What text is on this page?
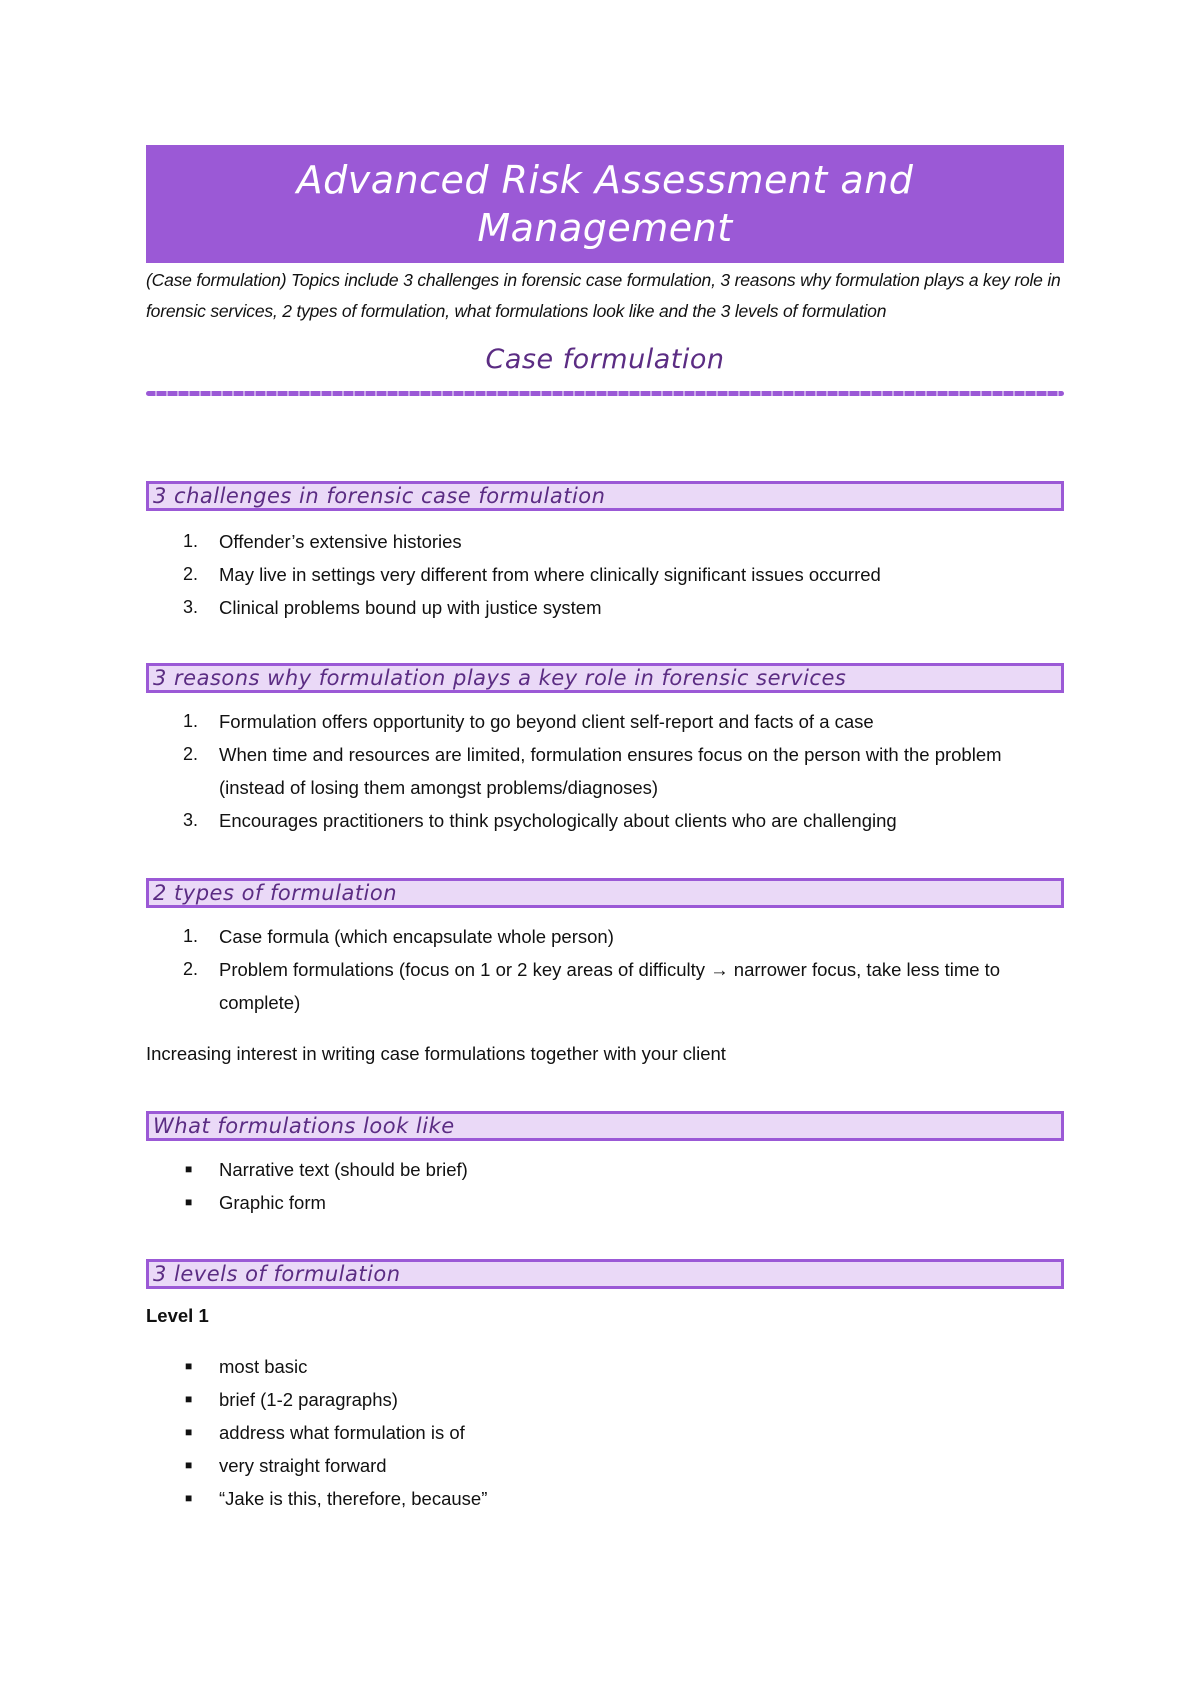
Advanced Risk Assessment and Management
(Case formulation) Topics include 3 challenges in forensic case formulation, 3 reasons why formulation plays a key role in forensic services, 2 types of formulation, what formulations look like and the 3 levels of formulation
Case formulation
3 challenges in forensic case formulation
1. Offender’s extensive histories
2. May live in settings very different from where clinically significant issues occurred
3. Clinical problems bound up with justice system
3 reasons why formulation plays a key role in forensic services
1. Formulation offers opportunity to go beyond client self-report and facts of a case
2. When time and resources are limited, formulation ensures focus on the person with the problem (instead of losing them amongst problems/diagnoses)
3. Encourages practitioners to think psychologically about clients who are challenging
2 types of formulation
1. Case formula (which encapsulate whole person)
2. Problem formulations (focus on 1 or 2 key areas of difficulty → narrower focus, take less time to complete)
Increasing interest in writing case formulations together with your client
What formulations look like
■ Narrative text (should be brief)
■ Graphic form
3 levels of formulation
Level 1
■ most basic
■ brief (1-2 paragraphs)
■ address what formulation is of
■ very straight forward
■ “Jake is this, therefore, because”
